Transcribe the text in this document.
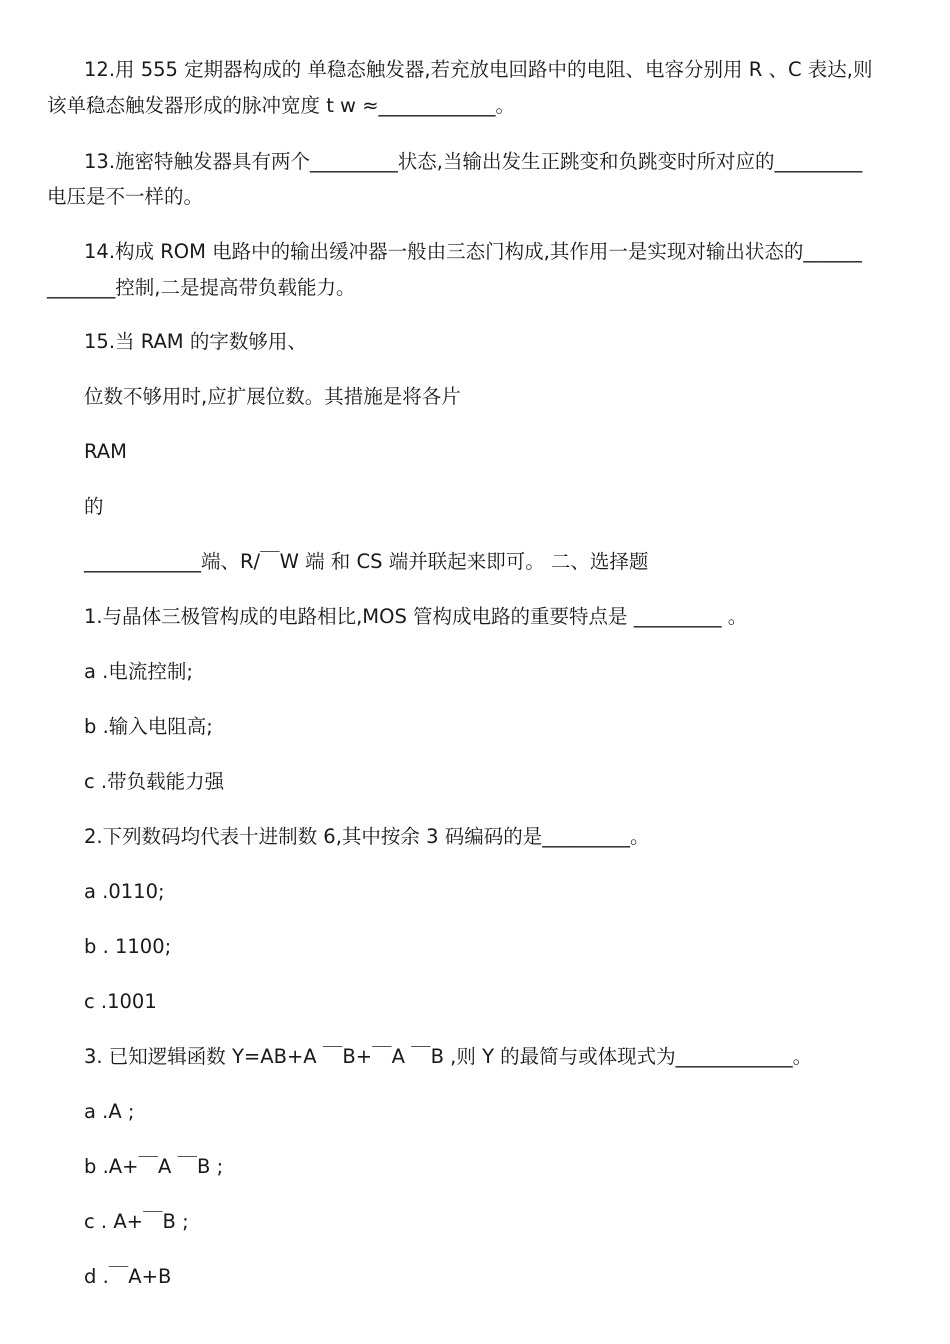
12.用 555 定期器构成的 单稳态触发器,若充放电回路中的电阻、电容分别用 R 、C 表达,则
该单稳态触发器形成的脉冲宽度 t w ≈____________。
13.施密特触发器具有两个_________状态,当输出发生正跳变和负跳变时所对应的_________
电压是不一样的。
14.构成 ROM 电路中的输出缓冲器一般由三态门构成,其作用一是实现对输出状态的______
_______控制,二是提高带负载能力。
15.当 RAM 的字数够用、
位数不够用时,应扩展位数。其措施是将各片
RAM
的
____________端、R/￣W 端 和 CS 端并联起来即可。 二、选择题
1.与晶体三极管构成的电路相比,MOS 管构成电路的重要特点是 _________ 。
a .电流控制;
b .输入电阻高;
c .带负载能力强
2.下列数码均代表十进制数 6,其中按余 3 码编码的是_________。
a .0110;
b . 1100;
c .1001
3. 已知逻辑函数 Y=AB+A ￣B+￣A ￣B ,则 Y 的最简与或体现式为____________。
a .A ;
b .A+￣A ￣B ;
c . A+￣B ;
d .￣A+B
